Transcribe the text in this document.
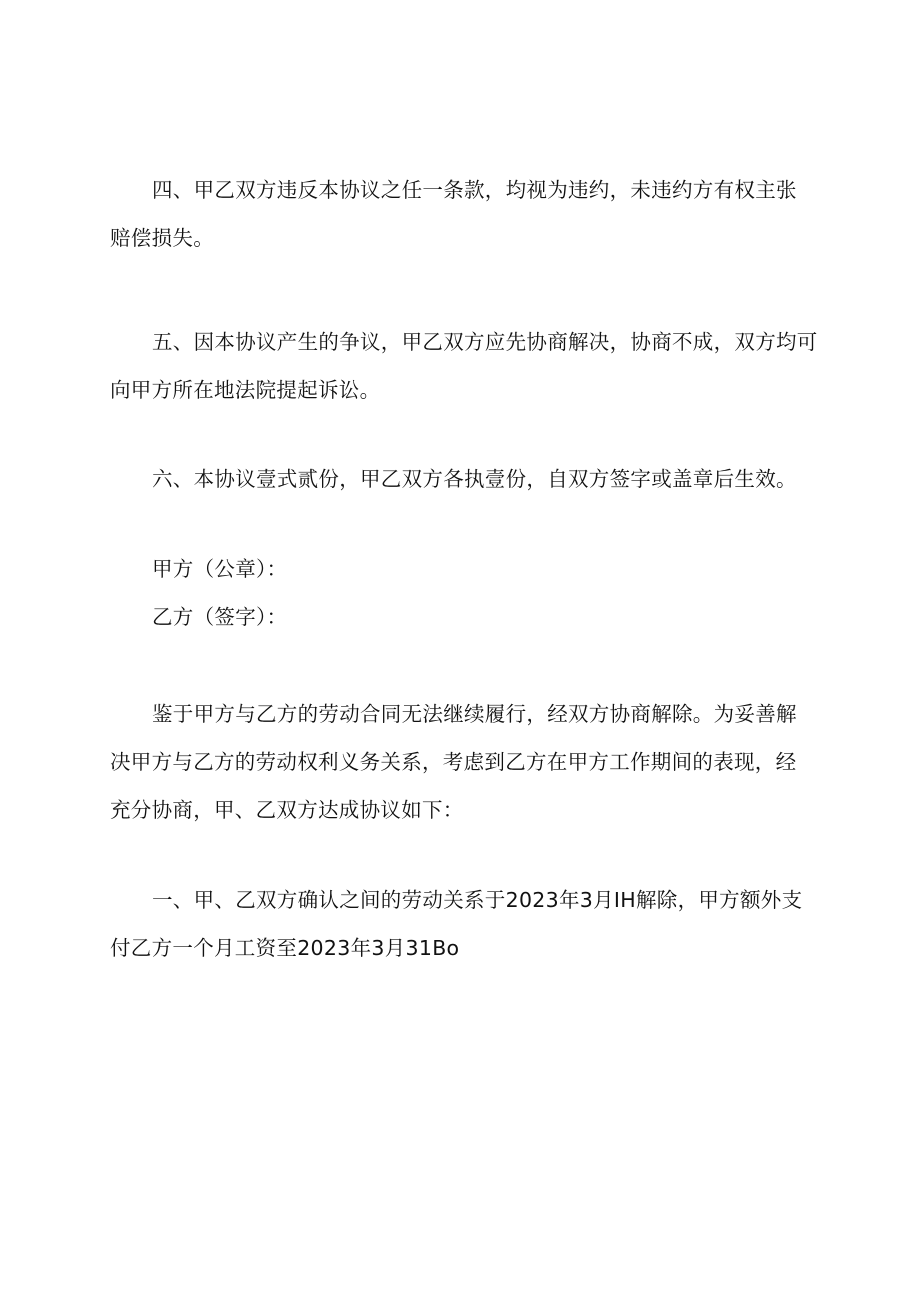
四、甲乙双方违反本协议之任一条款，均视为违约，未违约方有权主张
赔偿损失。
五、因本协议产生的争议，甲乙双方应先协商解决，协商不成，双方均可
向甲方所在地法院提起诉讼。
六、本协议壹式贰份，甲乙双方各执壹份，自双方签字或盖章后生效。
甲方（公章）：
乙方（签字）：
鉴于甲方与乙方的劳动合同无法继续履行，经双方协商解除。为妥善解
决甲方与乙方的劳动权利义务关系，考虑到乙方在甲方工作期间的表现，经
充分协商，甲、乙双方达成协议如下：
一、甲、乙双方确认之间的劳动关系于2023年3月IH解除，甲方额外支
付乙方一个月工资至2023年3月31Bo
